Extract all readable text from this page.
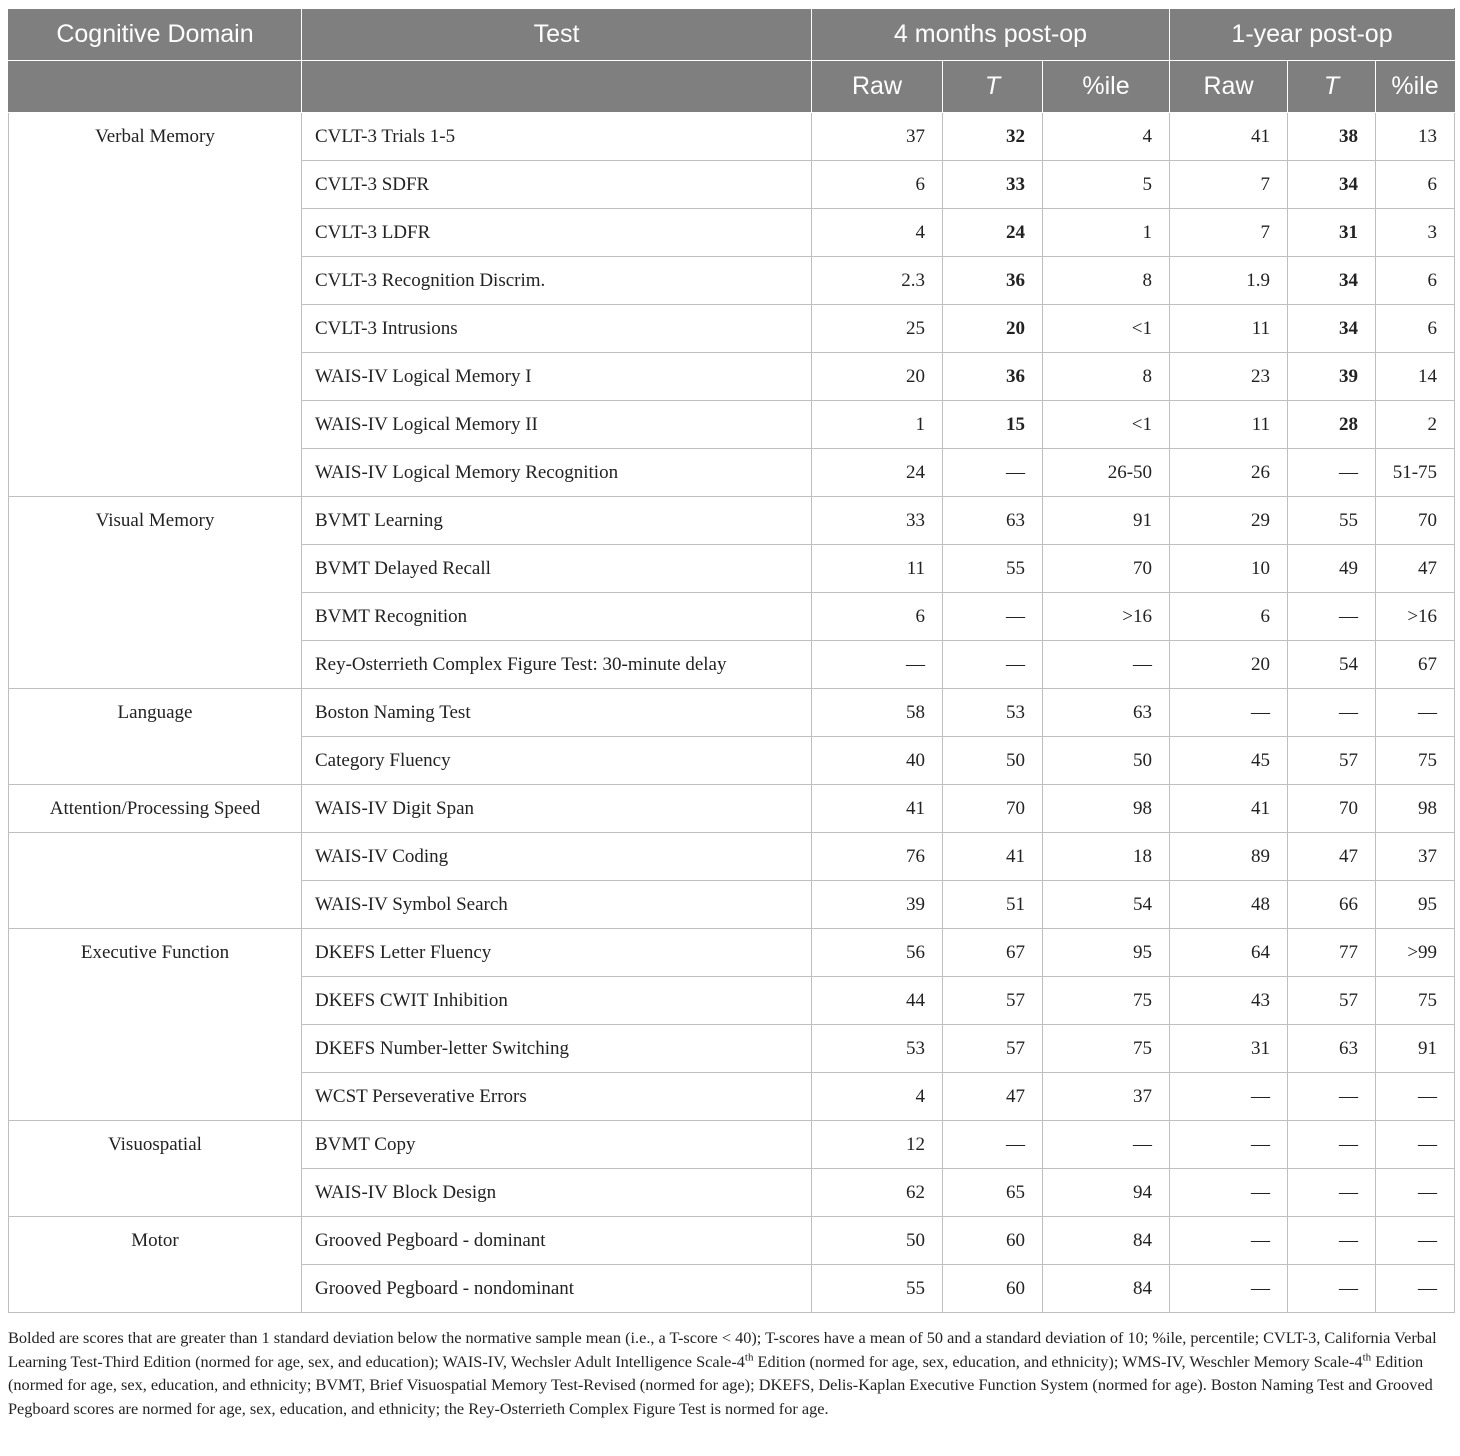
Cognitive Domain	Test	4 months post-op			1-year post-op		
		Raw	T	%ile	Raw	T	%ile
Verbal Memory	CVLT-3 Trials 1-5	37	32	4	41	38	13
	CVLT-3 SDFR	6	33	5	7	34	6
	CVLT-3 LDFR	4	24	1	7	31	3
	CVLT-3 Recognition Discrim.	2.3	36	8	1.9	34	6
	CVLT-3 Intrusions	25	20	<1	11	34	6
	WAIS-IV Logical Memory I	20	36	8	23	39	14
	WAIS-IV Logical Memory II	1	15	<1	11	28	2
	WAIS-IV Logical Memory Recognition	24	—	26-50	26	—	51-75
Visual Memory	BVMT Learning	33	63	91	29	55	70
	BVMT Delayed Recall	11	55	70	10	49	47
	BVMT Recognition	6	—	>16	6	—	>16
	Rey-Osterrieth Complex Figure Test: 30-minute delay	—	—	—	20	54	67
Language	Boston Naming Test	58	53	63	—	—	—
	Category Fluency	40	50	50	45	57	75
Attention/Processing Speed	WAIS-IV Digit Span	41	70	98	41	70	98
	WAIS-IV Coding	76	41	18	89	47	37
	WAIS-IV Symbol Search	39	51	54	48	66	95
Executive Function	DKEFS Letter Fluency	56	67	95	64	77	>99
	DKEFS CWIT Inhibition	44	57	75	43	57	75
	DKEFS Number-letter Switching	53	57	75	31	63	91
	WCST Perseverative Errors	4	47	37	—	—	—
Visuospatial	BVMT Copy	12	—	—	—	—	—
	WAIS-IV Block Design	62	65	94	—	—	—
Motor	Grooved Pegboard - dominant	50	60	84	—	—	—
	Grooved Pegboard - nondominant	55	60	84	—	—	—
Bolded are scores that are greater than 1 standard deviation below the normative sample mean (i.e., a T-score < 40); T-scores have a mean of 50 and a standard deviation of 10; %ile, percentile; CVLT-3, California Verbal Learning Test-Third Edition (normed for age, sex, and education); WAIS-IV, Wechsler Adult Intelligence Scale-4th Edition (normed for age, sex, education, and ethnicity); WMS-IV, Weschler Memory Scale-4th Edition (normed for age, sex, education, and ethnicity; BVMT, Brief Visuospatial Memory Test-Revised (normed for age); DKEFS, Delis-Kaplan Executive Function System (normed for age). Boston Naming Test and Grooved Pegboard scores are normed for age, sex, education, and ethnicity; the Rey-Osterrieth Complex Figure Test is normed for age.
